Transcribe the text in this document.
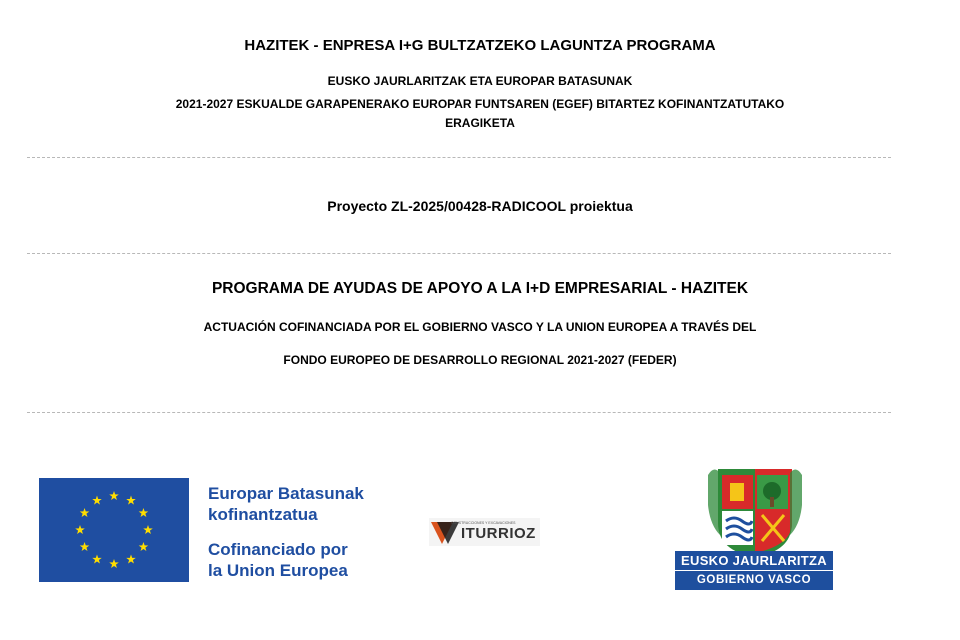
HAZITEK - ENPRESA I+G BULTZATZEKO LAGUNTZA PROGRAMA
EUSKO JAURLARITZAK ETA EUROPAR BATASUNAK
2021-2027 ESKUALDE GARAPENERAKO EUROPAR FUNTSAREN (EGEF) BITARTEZ KOFINANTZATUTAKO
ERAGIKETA
Proyecto ZL-2025/00428-RADICOOL proiektua
PROGRAMA DE AYUDAS DE APOYO A LA I+D EMPRESARIAL - HAZITEK
ACTUACIÓN COFINANCIADA POR EL GOBIERNO VASCO Y LA UNION EUROPEA A TRAVÉS DEL
FONDO EUROPEO DE DESARROLLO REGIONAL 2021-2027 (FEDER)
Europar Batasunak
kofinantzatua
Cofinanciado por
la Union Europea
CONSTRUCCIONES Y EXCAVACIONES
ITURRIOZ
EUSKO JAURLARITZA
GOBIERNO VASCO
